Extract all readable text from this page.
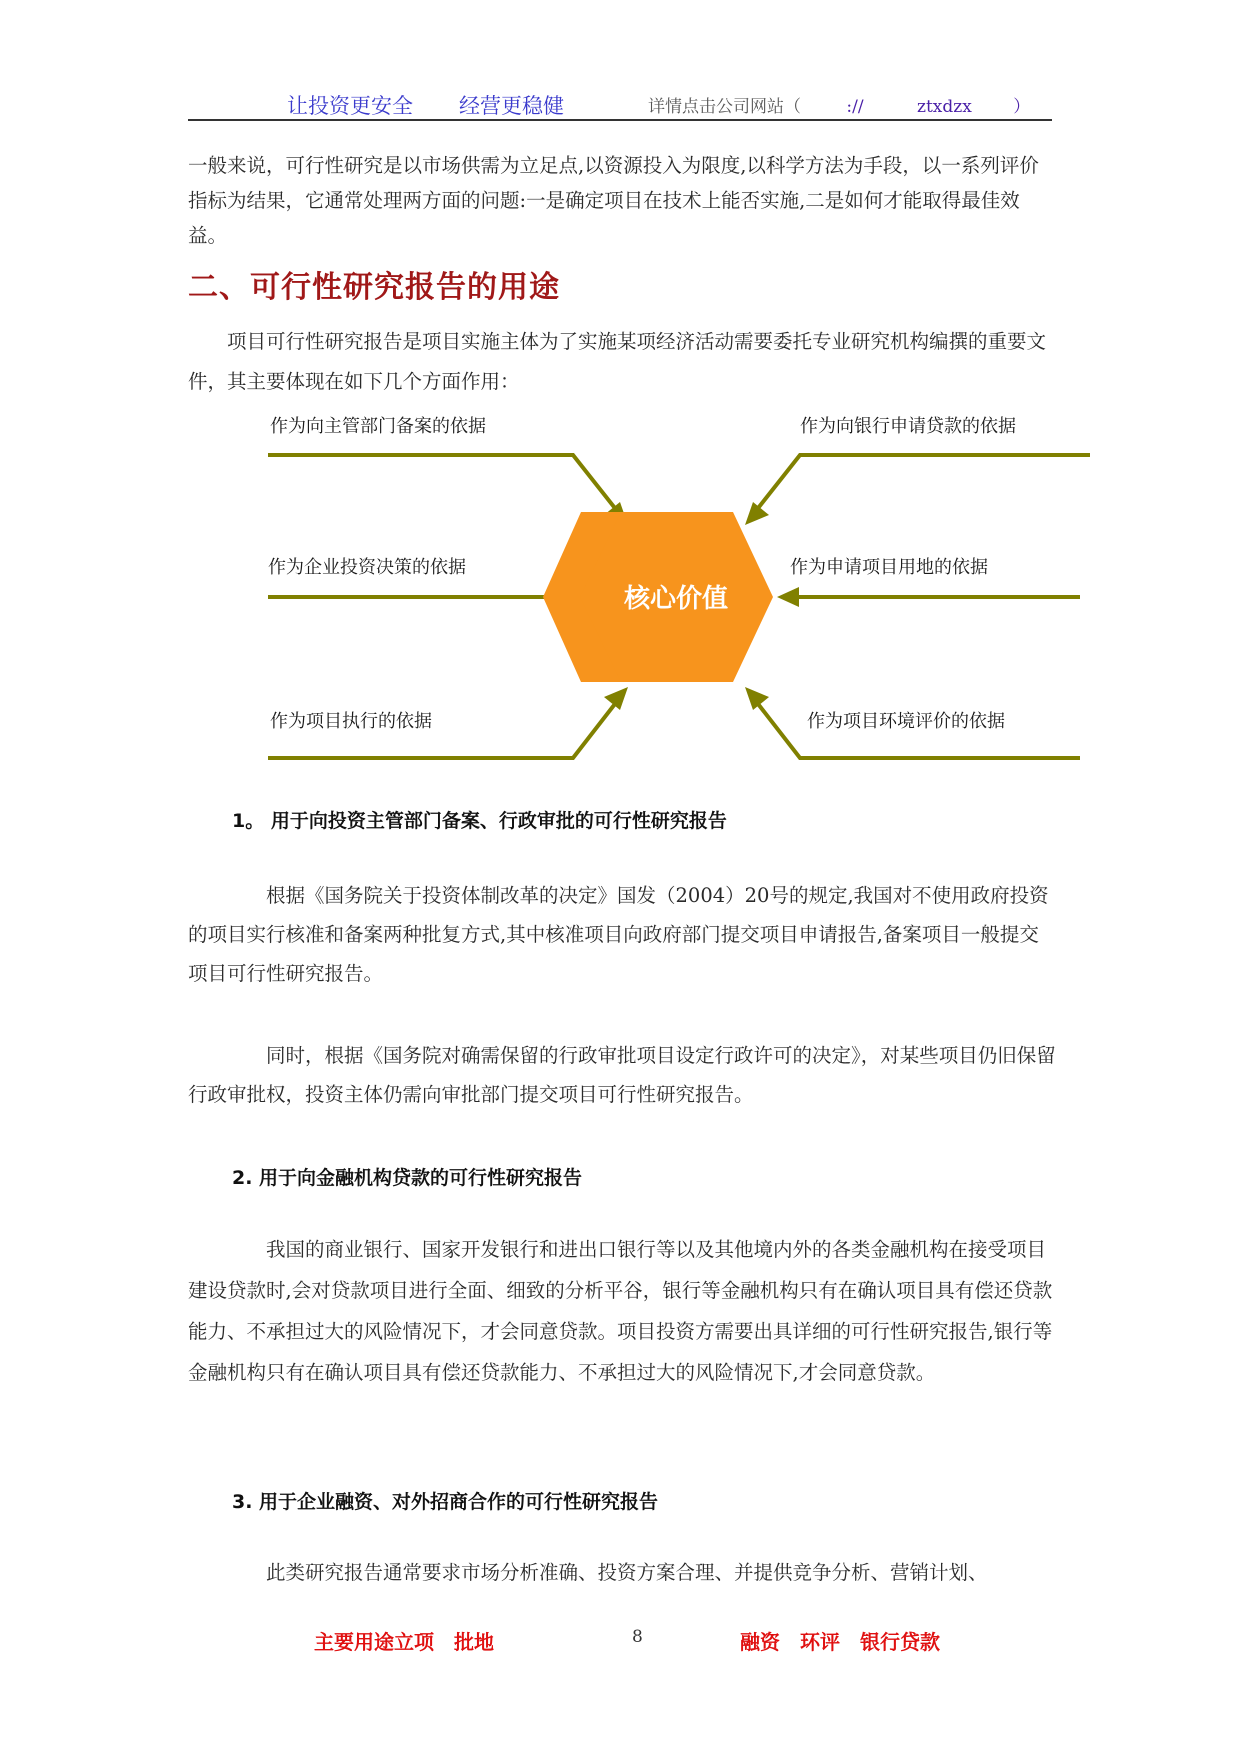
让投资更安全 经营更稳健	详情点击公司网站（	://	ztxdzx ）

一般来说，可行性研究是以市场供需为立足点,以资源投入为限度,以科学方法为手段，以一系列评价指标为结果，它通常处理两方面的问题:一是确定项目在技术上能否实施,二是如何才能取得最佳效益。

二、可行性研究报告的用途

项目可行性研究报告是项目实施主体为了实施某项经济活动需要委托专业研究机构编撰的重要文件，其主要体现在如下几个方面作用：

核心价值
作为向主管部门备案的依据
作为企业投资决策的依据
作为项目执行的依据
作为向银行申请贷款的依据
作为申请项目用地的依据
作为项目环境评价的依据
1。 用于向投资主管部门备案、行政审批的可行性研究报告

根据《国务院关于投资体制改革的决定》国发（2004）20号的规定,我国对不使用政府投资的项目实行核准和备案两种批复方式,其中核准项目向政府部门提交项目申请报告,备案项目一般提交项目可行性研究报告。

同时，根据《国务院对确需保留的行政审批项目设定行政许可的决定》，对某些项目仍旧保留行政审批权，投资主体仍需向审批部门提交项目可行性研究报告。

2. 用于向金融机构贷款的可行性研究报告

我国的商业银行、国家开发银行和进出口银行等以及其他境内外的各类金融机构在接受项目建设贷款时,会对贷款项目进行全面、细致的分析平谷，银行等金融机构只有在确认项目具有偿还贷款能力、不承担过大的风险情况下，才会同意贷款。项目投资方需要出具详细的可行性研究报告,银行等金融机构只有在确认项目具有偿还贷款能力、不承担过大的风险情况下,才会同意贷款。

3. 用于企业融资、对外招商合作的可行性研究报告

此类研究报告通常要求市场分析准确、投资方案合理、并提供竞争分析、营销计划、

主要用途立项　批地	8	融资　环评　银行贷款
